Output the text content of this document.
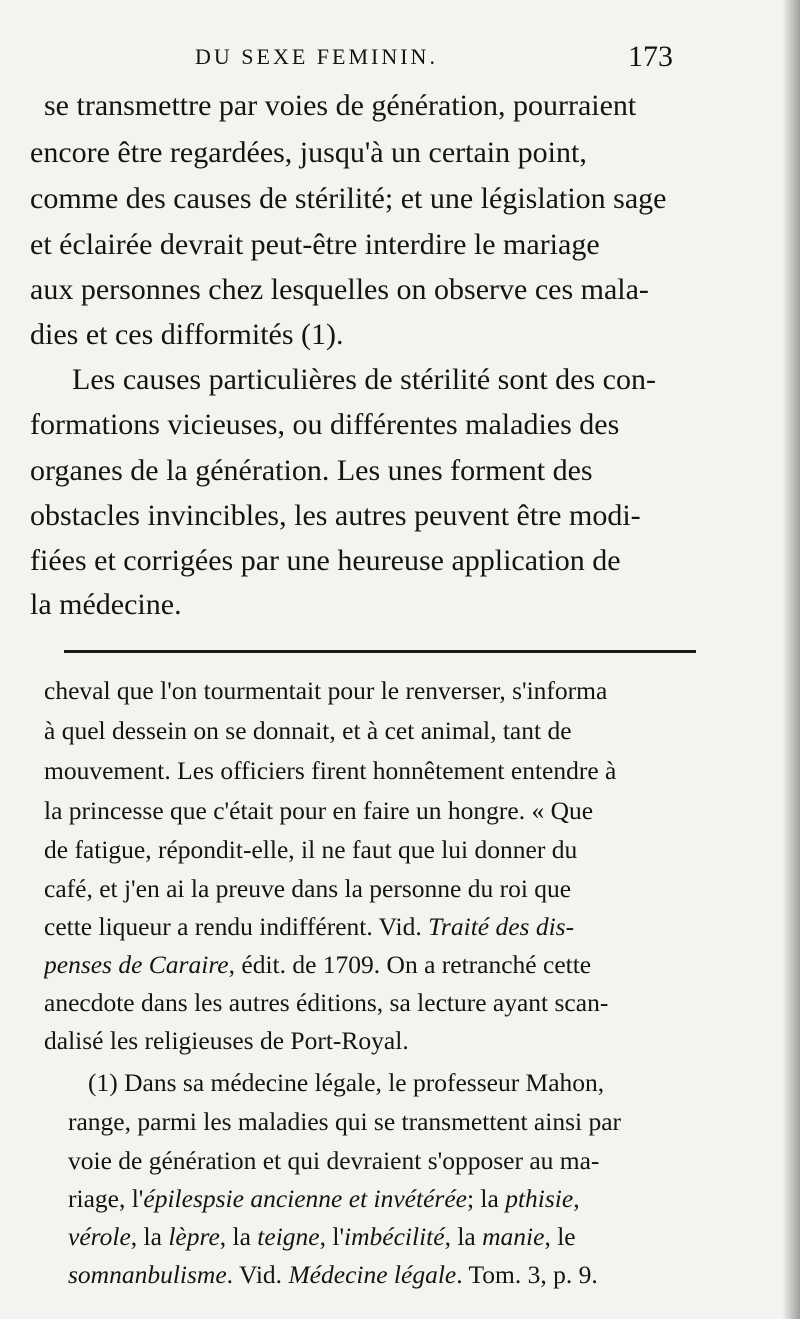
DU SEXE FEMININ.	173
se transmettre par voies de génération, pourraient
encore être regardées, jusqu'à un certain point,
comme des causes de stérilité; et une législation sage
et éclairée devrait peut-être interdire le mariage
aux personnes chez lesquelles on observe ces mala-
dies et ces difformités (1).
Les causes particulières de stérilité sont des con-
formations vicieuses, ou différentes maladies des
organes de la génération. Les unes forment des
obstacles invincibles, les autres peuvent être modi-
fiées et corrigées par une heureuse application de
la médecine.
cheval que l'on tourmentait pour le renverser, s'informa
à quel dessein on se donnait, et à cet animal, tant de
mouvement. Les officiers firent honnêtement entendre à
la princesse que c'était pour en faire un hongre. « Que
de fatigue, répondit-elle, il ne faut que lui donner du
café, et j'en ai la preuve dans la personne du roi que
cette liqueur a rendu indifférent. Vid. Traité des dis-
penses de Caraire, édit. de 1709. On a retranché cette
anecdote dans les autres éditions, sa lecture ayant scan-
dalisé les religieuses de Port-Royal.
(1) Dans sa médecine légale, le professeur Mahon,
range, parmi les maladies qui se transmettent ainsi par
voie de génération et qui devraient s'opposer au ma-
riage, l'épilespsie ancienne et invétérée; la pthisie,
vérole, la lèpre, la teigne, l'imbécilité, la manie, le
somnanbulisme. Vid. Médecine légale. Tom. 3, p. 9.
